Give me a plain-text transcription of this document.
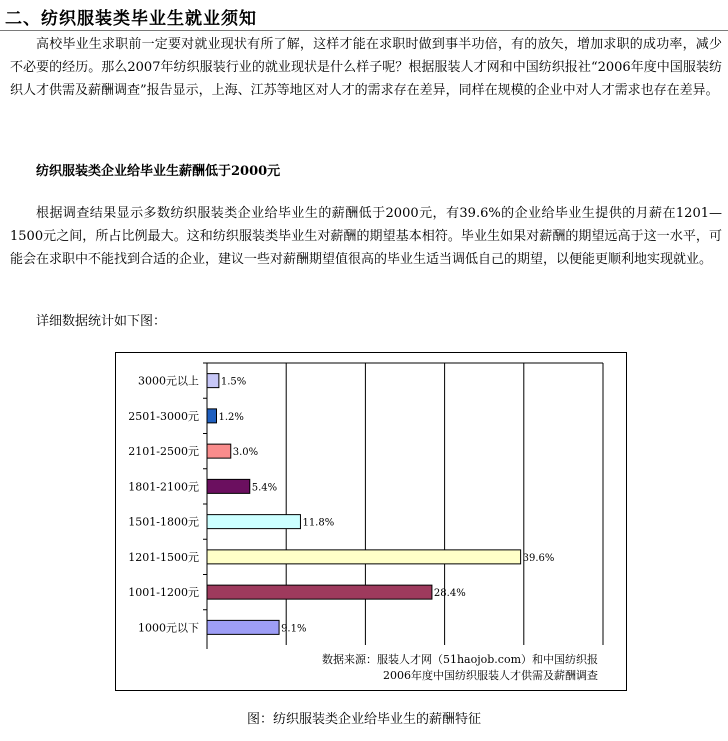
二、纺织服装类毕业生就业须知

高校毕业生求职前一定要对就业现状有所了解，这样才能在求职时做到事半功倍，有的放矢，增加求职的成功率，减少不必要的经历。那么2007年纺织服装行业的就业现状是什么样子呢？根据服装人才网和中国纺织报社“2006年度中国服装纺织人才供需及薪酬调查”报告显示，上海、江苏等地区对人才的需求存在差异，同样在规模的企业中对人才需求也存在差异。

纺织服装类企业给毕业生薪酬低于2000元

根据调查结果显示多数纺织服装类企业给毕业生的薪酬低于2000元，有39.6%的企业给毕业生提供的月薪在1201—1500元之间，所占比例最大。这和纺织服装类毕业生对薪酬的期望基本相符。毕业生如果对薪酬的期望远高于这一水平，可能会在求职中不能找到合适的企业，建议一些对薪酬期望值很高的毕业生适当调低自己的期望，以便能更顺利地实现就业。

详细数据统计如下图：
3000元以上 1.5%
2501-3000元 1.2%
2101-2500元	3.0%
1801-2100元	5.4%
1501-1800元	11.8%
1201-1500元	39.6%
1001-1200元	28.4%
1000元以下	9.1%
数据来源：服装人才网（51haojob.com）和中国纺织报
2006年度中国纺织服装人才供需及薪酬调查
图：纺织服装类企业给毕业生的薪酬特征
